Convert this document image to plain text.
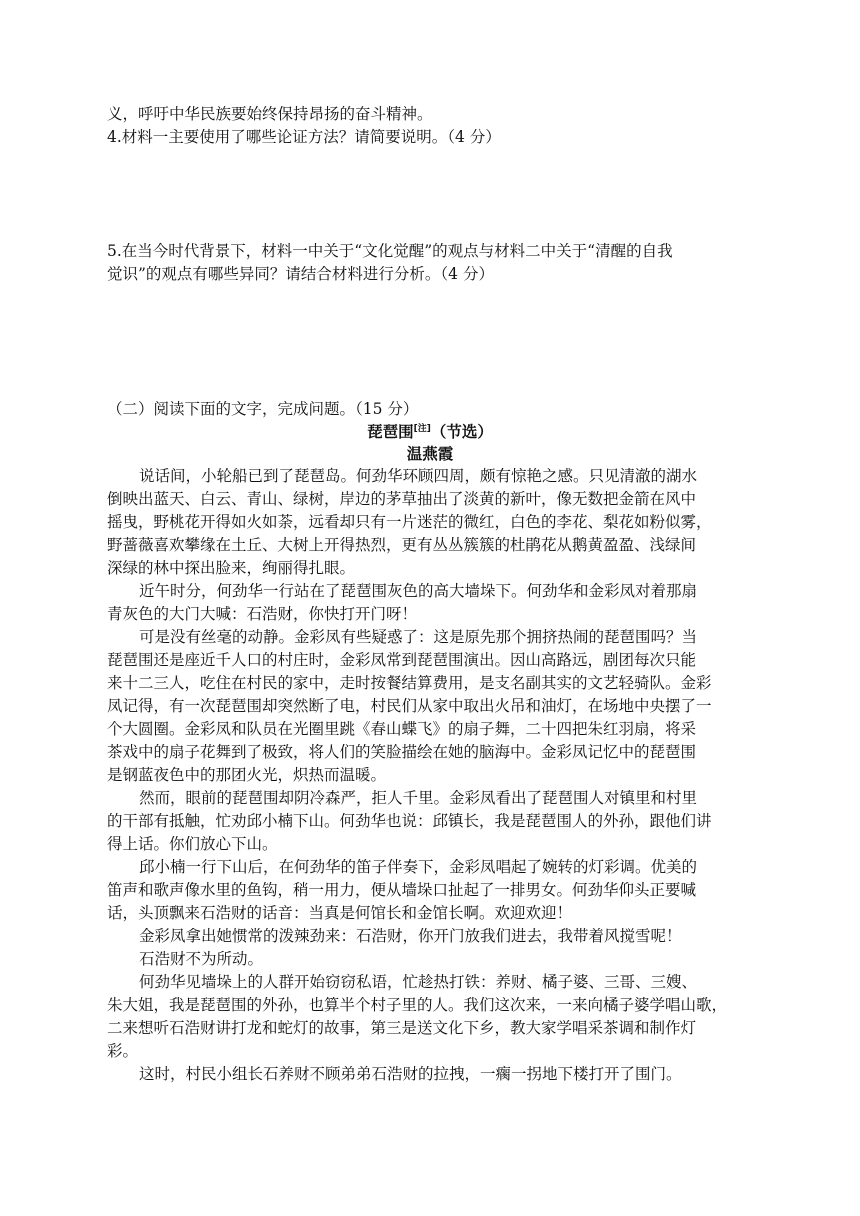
义，呼吁中华民族要始终保持昂扬的奋斗精神。
4.材料一主要使用了哪些论证方法？请简要说明。（4 分）
5.在当今时代背景下，材料一中关于“文化觉醒”的观点与材料二中关于“清醒的自我
觉识”的观点有哪些异同？请结合材料进行分析。（4 分）
（二）阅读下面的文字，完成问题。（15 分）
琵琶围[注]（节选）
温燕霞
说话间，小轮船已到了琵琶岛。何劲华环顾四周，颇有惊艳之感。只见清澈的湖水
倒映出蓝天、白云、青山、绿树，岸边的茅草抽出了淡黄的新叶，像无数把金箭在风中
摇曳，野桃花开得如火如荼，远看却只有一片迷茫的微红，白色的李花、梨花如粉似雾，
野蔷薇喜欢攀缘在土丘、大树上开得热烈，更有丛丛簇簇的杜鹃花从鹅黄盈盈、浅绿间
深绿的林中探出脸来，绚丽得扎眼。
近午时分，何劲华一行站在了琵琶围灰色的高大墙垛下。何劲华和金彩凤对着那扇
青灰色的大门大喊：石浩财，你快打开门呀！
可是没有丝毫的动静。金彩凤有些疑惑了：这是原先那个拥挤热闹的琵琶围吗？当
琵琶围还是座近千人口的村庄时，金彩凤常到琵琶围演出。因山高路远，剧团每次只能
来十二三人，吃住在村民的家中，走时按餐结算费用，是支名副其实的文艺轻骑队。金彩
凤记得，有一次琵琶围却突然断了电，村民们从家中取出火吊和油灯，在场地中央摆了一
个大圆圈。金彩凤和队员在光圈里跳《春山蝶飞》的扇子舞，二十四把朱红羽扇，将采
茶戏中的扇子花舞到了极致，将人们的笑脸描绘在她的脑海中。金彩凤记忆中的琵琶围
是钢蓝夜色中的那团火光，炽热而温暖。
然而，眼前的琵琶围却阴冷森严，拒人千里。金彩凤看出了琵琶围人对镇里和村里
的干部有抵触，忙劝邱小楠下山。何劲华也说：邱镇长，我是琵琶围人的外孙，跟他们讲
得上话。你们放心下山。
邱小楠一行下山后，在何劲华的笛子伴奏下，金彩凤唱起了婉转的灯彩调。优美的
笛声和歌声像水里的鱼钩，稍一用力，便从墙垛口扯起了一排男女。何劲华仰头正要喊
话，头顶飘来石浩财的话音：当真是何馆长和金馆长啊。欢迎欢迎！
金彩凤拿出她惯常的泼辣劲来：石浩财，你开门放我们进去，我带着风搅雪呢！
石浩财不为所动。
何劲华见墙垛上的人群开始窃窃私语，忙趁热打铁：养财、橘子婆、三哥、三嫂、
朱大姐，我是琵琶围的外孙，也算半个村子里的人。我们这次来，一来向橘子婆学唱山歌，
二来想听石浩财讲打龙和蛇灯的故事，第三是送文化下乡，教大家学唱采茶调和制作灯
彩。
这时，村民小组长石养财不顾弟弟石浩财的拉拽，一瘸一拐地下楼打开了围门。
